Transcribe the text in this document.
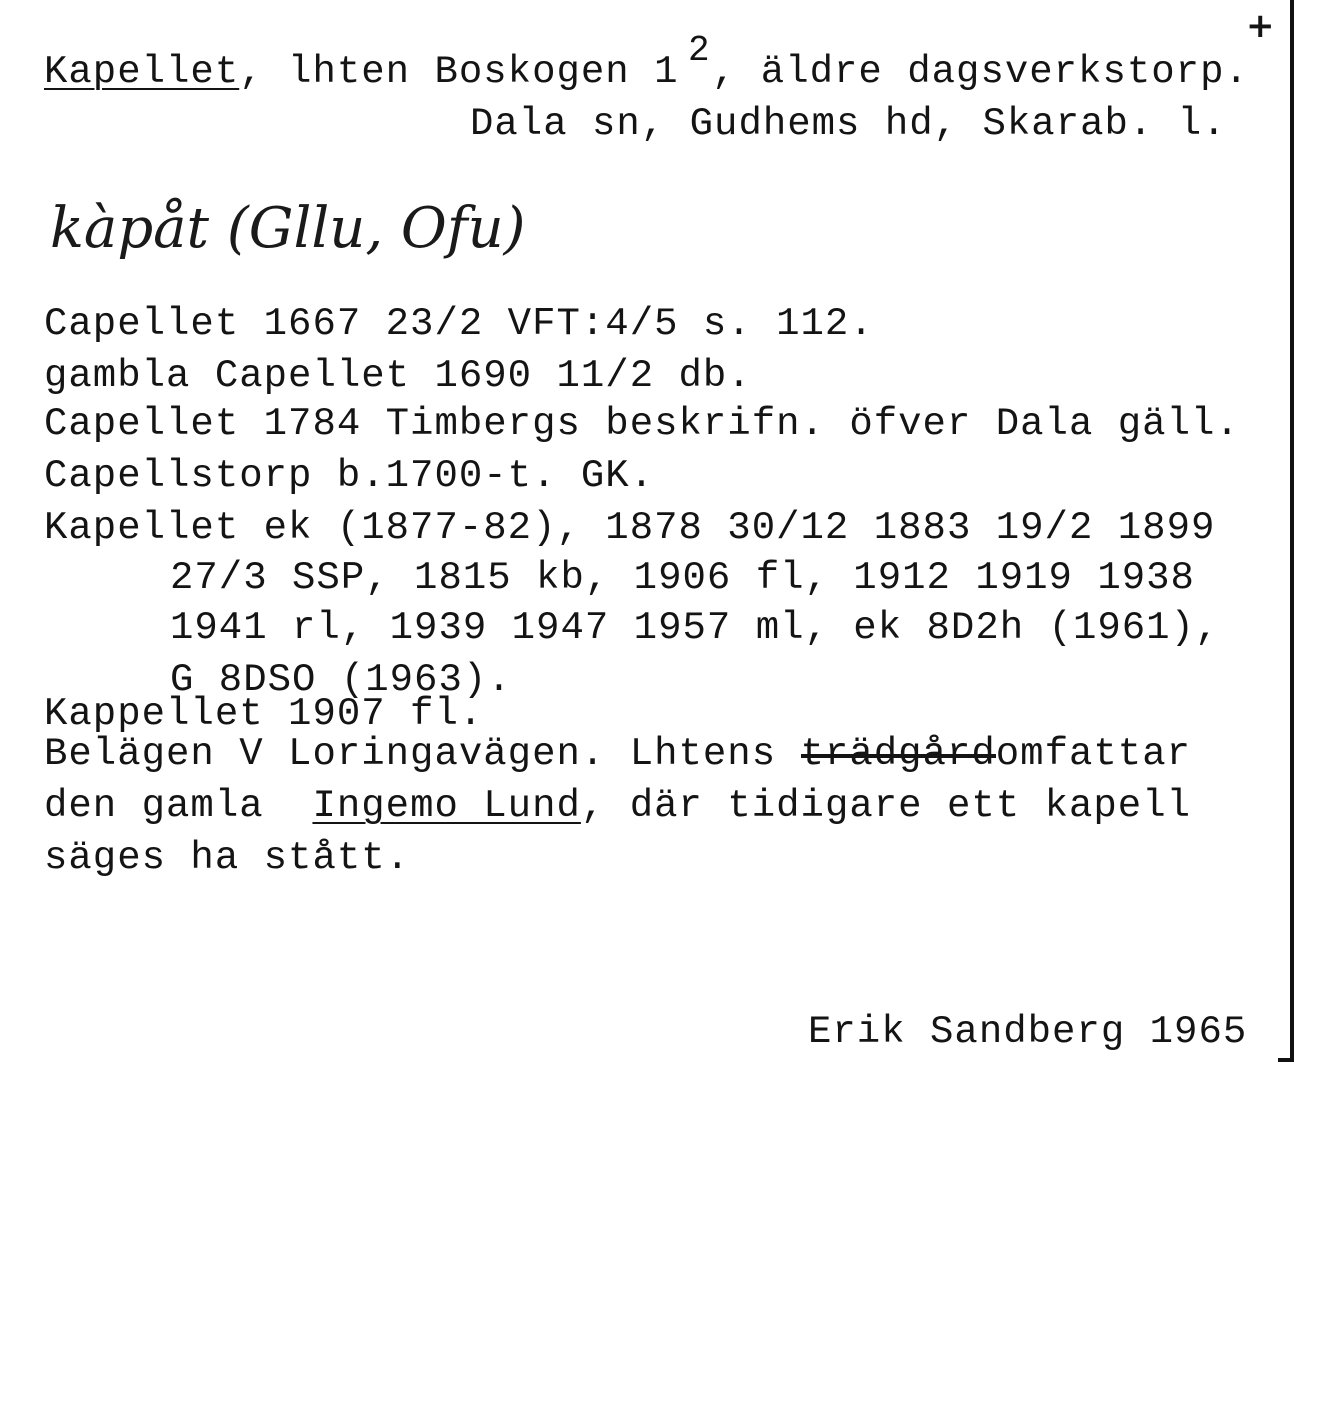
+
Kapellet, lhten Boskogen 1 2 , äldre dagsverkstorp.
Dala sn, Gudhems hd, Skarab. l.
kàpåt (Gllu, Ofu)
Capellet 1667 23/2 VFT:4/5 s. 112.
gambla Capellet 1690 11/2 db.
Capellet 1784 Timbergs beskrifn. öfver Dala gäll.
Capellstorp b.1700-t. GK.
Kapellet ek (1877-82), 1878 30/12 1883 19/2 1899
27/3 SSP, 1815 kb, 1906 fl, 1912 1919 1938
1941 rl, 1939 1947 1957 ml, ek 8D2h (1961),
G 8DSO (1963).
Kappellet 1907 fl.
Belägen V Loringavägen. Lhtens trädgårdomfattar
den gamla  Ingemo Lund, där tidigare ett kapell
säges ha stått.
Erik Sandberg 1965
